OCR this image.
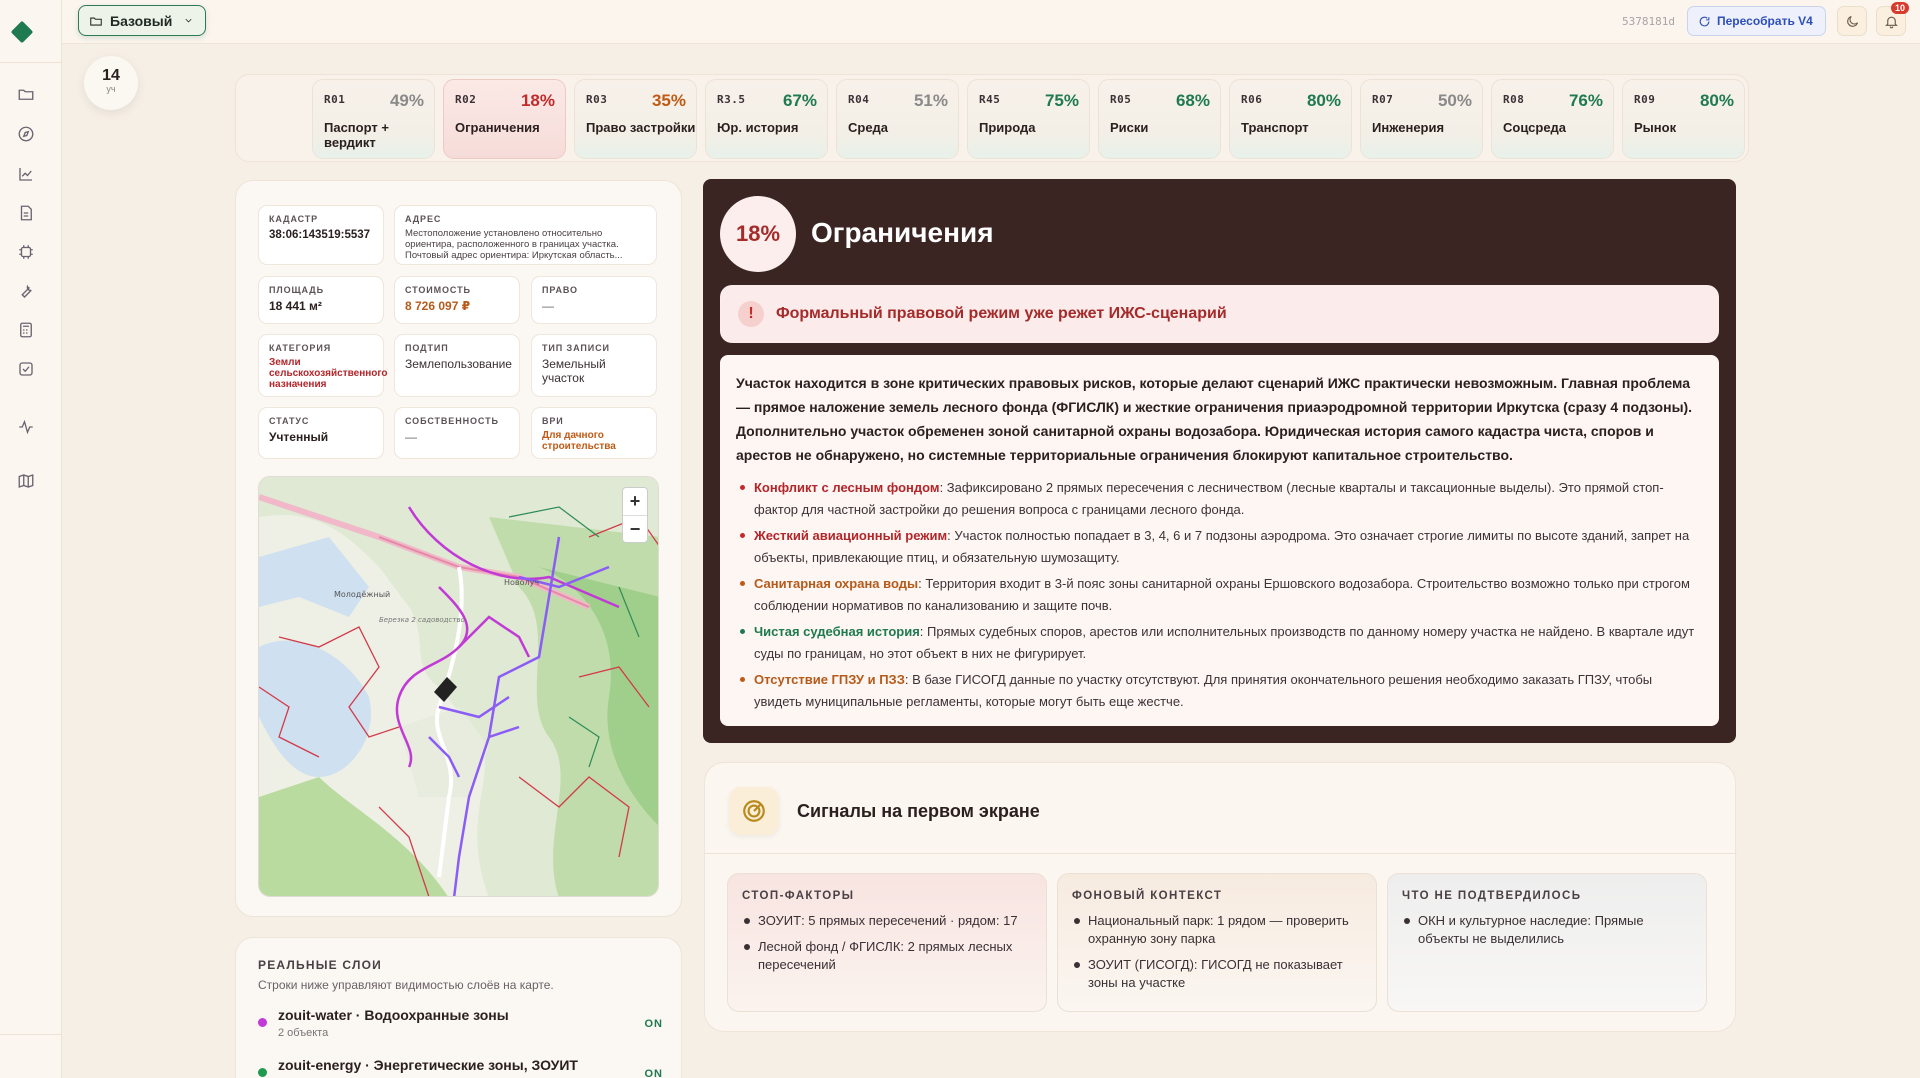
Базовый	5378181d	Пересобрать V4
10
14
уч
R01	49%
Паспорт + вердикт
R02	18%
Ограничения
R03	35%
Право застройки
R3.5 67%
Юр. история
R04	51%
Среда
R45	75%
Природа
R05	68%
Риски
R06	80%
Транспорт
R07	50%
Инженерия
R08	76%
Соцсреда
R09	80%
Рынок
КАДАСТР
38:06:143519:5537
АДРЕС
Местоположение установлено относительно ориентира, расположенного в границах участка. Почтовый адрес ориентира: Иркутская область...
ПЛОЩАДЬ
18 441 м²
СТОИМОСТЬ
8 726 097 ₽
ПРАВО
—
КАТЕГОРИЯ
Земли сельскохозяйственного назначения
ПОДТИП
Землепользование
ТИП ЗАПИСИ
Земельный участок
СТАТУС
Учтенный
СОБСТВЕННОСТЬ
—
ВРИ
Для дачного строительства
Молодёжный
Новолуч
Березка 2 садоводство
+
−
РЕАЛЬНЫЕ СЛОИ
Строки ниже управляют видимостью слоёв на карте.
zouit-water · Водоохранные зоны
2 объекта
ON
zouit-energy · Энергетические зоны, ЗОУИТ
ON
18%	Ограничения
!	Формальный правовой режим уже режет ИЖС-сценарий
Участок находится в зоне критических правовых рисков, которые делают сценарий ИЖС практически невозможным. Главная проблема — прямое наложение земель лесного фонда (ФГИСЛК) и жесткие ограничения приаэродромной территории Иркутска (сразу 4 подзоны). Дополнительно участок обременен зоной санитарной охраны водозабора. Юридическая история самого кадастра чиста, споров и арестов не обнаружено, но системные территориальные ограничения блокируют капитальное строительство.
Конфликт с лесным фондом: Зафиксировано 2 прямых пересечения с лесничеством (лесные кварталы и таксационные выделы). Это прямой стоп-фактор для частной застройки до решения вопроса с границами лесного фонда.
Жесткий авиационный режим: Участок полностью попадает в 3, 4, 6 и 7 подзоны аэродрома. Это означает строгие лимиты по высоте зданий, запрет на объекты, привлекающие птиц, и обязательную шумозащиту.
Санитарная охрана воды: Территория входит в 3-й пояс зоны санитарной охраны Ершовского водозабора. Строительство возможно только при строгом соблюдении нормативов по канализованию и защите почв.
Чистая судебная история: Прямых судебных споров, арестов или исполнительных производств по данному номеру участка не найдено. В квартале идут суды по границам, но этот объект в них не фигурирует.
Отсутствие ГПЗУ и ПЗЗ: В базе ГИСОГД данные по участку отсутствуют. Для принятия окончательного решения необходимо заказать ГПЗУ, чтобы увидеть муниципальные регламенты, которые могут быть еще жестче.
Сигналы на первом экране
СТОП-ФАКТОРЫ
ЗОУИТ: 5 прямых пересечений · рядом: 17
Лесной фонд / ФГИСЛК: 2 прямых лесных пересечений
ФОНОВЫЙ КОНТЕКСТ
Национальный парк: 1 рядом — проверить охранную зону парка
ЗОУИТ (ГИСОГД): ГИСОГД не показывает зоны на участке
ЧТО НЕ ПОДТВЕРДИЛОСЬ
ОКН и культурное наследие: Прямые объекты не выделились
